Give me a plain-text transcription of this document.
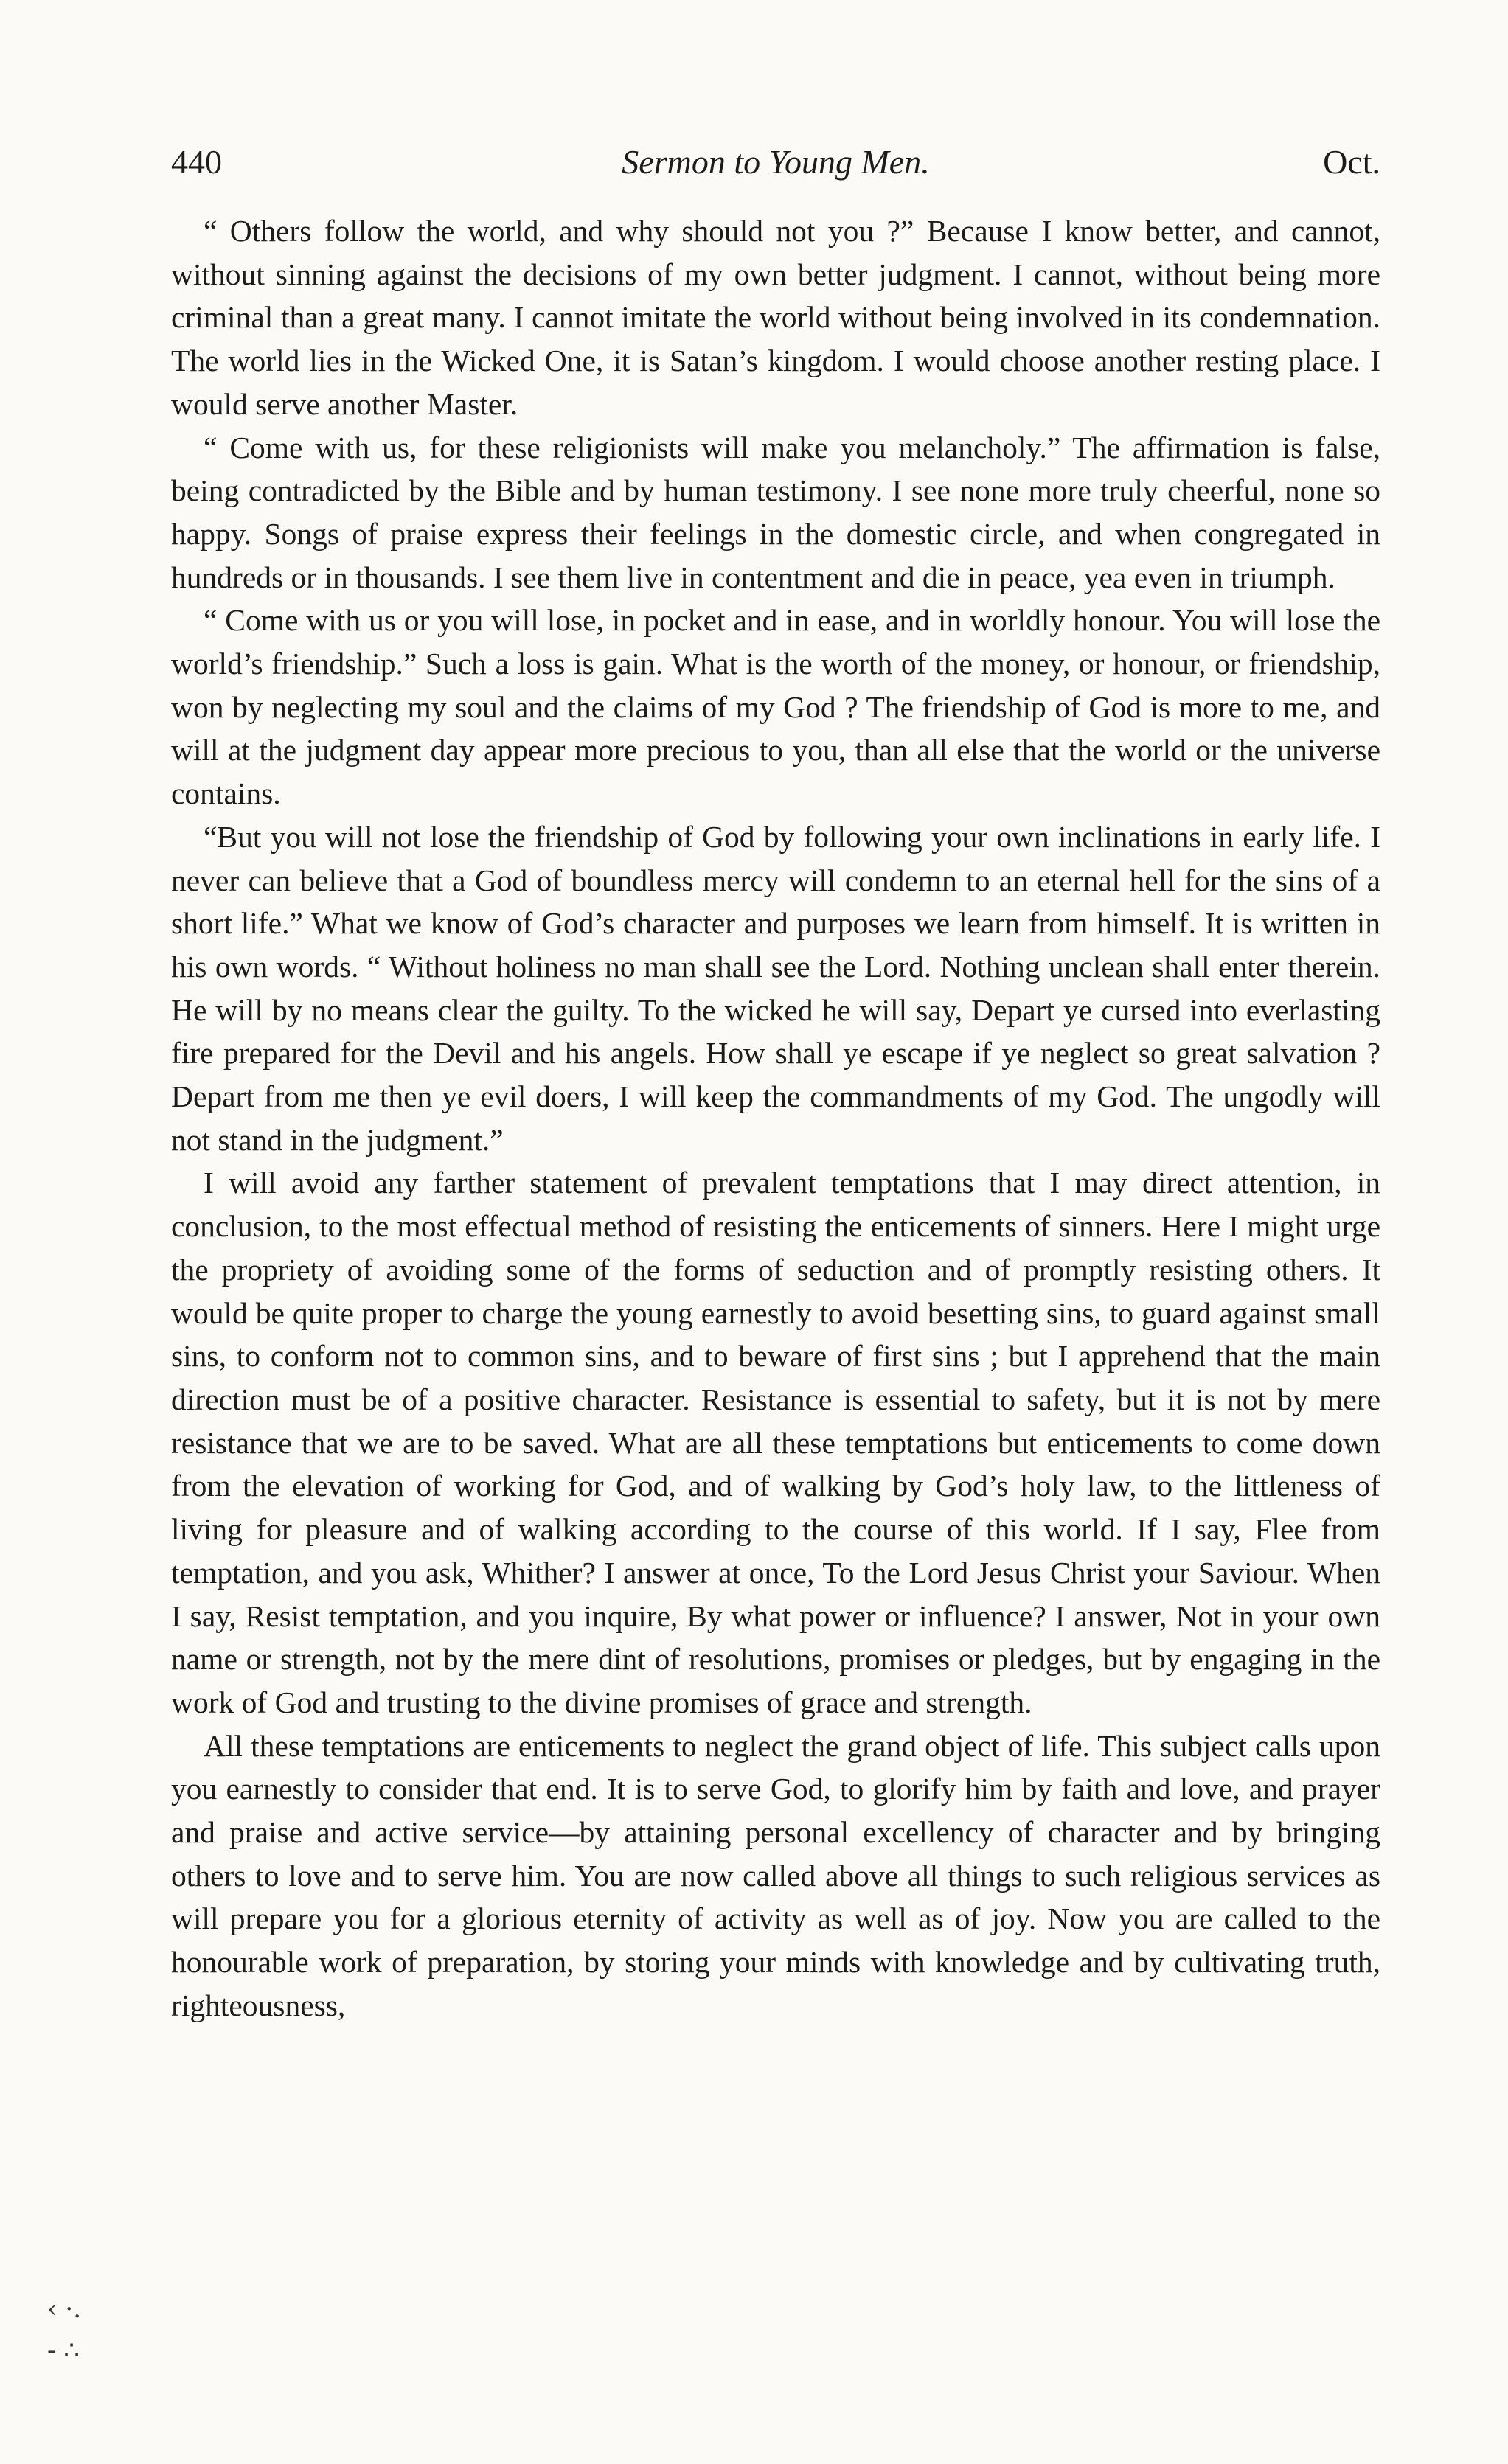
440	Sermon to Young Men.	Oct.

“ Others follow the world, and why should not you ?” Because I know better, and cannot, without sinning against the decisions of my own better judgment. I cannot, without being more criminal than a great many. I cannot imitate the world without being involved in its condemnation. The world lies in the Wicked One, it is Satan’s kingdom. I would choose another resting place. I would serve another Master.

“ Come with us, for these religionists will make you melancholy.” The affirmation is false, being contradicted by the Bible and by human testimony. I see none more truly cheerful, none so happy. Songs of praise express their feelings in the domestic circle, and when congregated in hundreds or in thousands. I see them live in contentment and die in peace, yea even in triumph.

“ Come with us or you will lose, in pocket and in ease, and in worldly honour. You will lose the world’s friendship.” Such a loss is gain. What is the worth of the money, or honour, or friendship, won by neglecting my soul and the claims of my God ? The friendship of God is more to me, and will at the judgment day appear more precious to you, than all else that the world or the universe contains.

“But you will not lose the friendship of God by following your own inclinations in early life. I never can believe that a God of boundless mercy will condemn to an eternal hell for the sins of a short life.” What we know of God’s character and purposes we learn from himself. It is written in his own words. “ Without holiness no man shall see the Lord. Nothing unclean shall enter therein. He will by no means clear the guilty. To the wicked he will say, Depart ye cursed into everlasting fire prepared for the Devil and his angels. How shall ye escape if ye neglect so great salvation ? Depart from me then ye evil doers, I will keep the commandments of my God. The ungodly will not stand in the judgment.”

I will avoid any farther statement of prevalent temptations that I may direct attention, in conclusion, to the most effectual method of resisting the enticements of sinners. Here I might urge the propriety of avoiding some of the forms of seduction and of promptly resisting others. It would be quite proper to charge the young earnestly to avoid besetting sins, to guard against small sins, to conform not to common sins, and to beware of first sins ; but I apprehend that the main direction must be of a positive character. Resistance is essential to safety, but it is not by mere resistance that we are to be saved. What are all these temptations but enticements to come down from the elevation of working for God, and of walking by God’s holy law, to the littleness of living for pleasure and of walking according to the course of this world. If I say, Flee from temptation, and you ask, Whither? I answer at once, To the Lord Jesus Christ your Saviour. When I say, Resist temptation, and you inquire, By what power or influence? I answer, Not in your own name or strength, not by the mere dint of resolutions, promises or pledges, but by engaging in the work of God and trusting to the divine promises of grace and strength.

All these temptations are enticements to neglect the grand object of life. This subject calls upon you earnestly to consider that end. It is to serve God, to glorify him by faith and love, and prayer and praise and active service—by attaining personal excellency of character and by bringing others to love and to serve him. You are now called above all things to such religious services as will prepare you for a glorious eternity of activity as well as of joy. Now you are called to the honourable work of preparation, by storing your minds with knowledge and by cultivating truth, righteousness,

‹ ·.
- ∴
